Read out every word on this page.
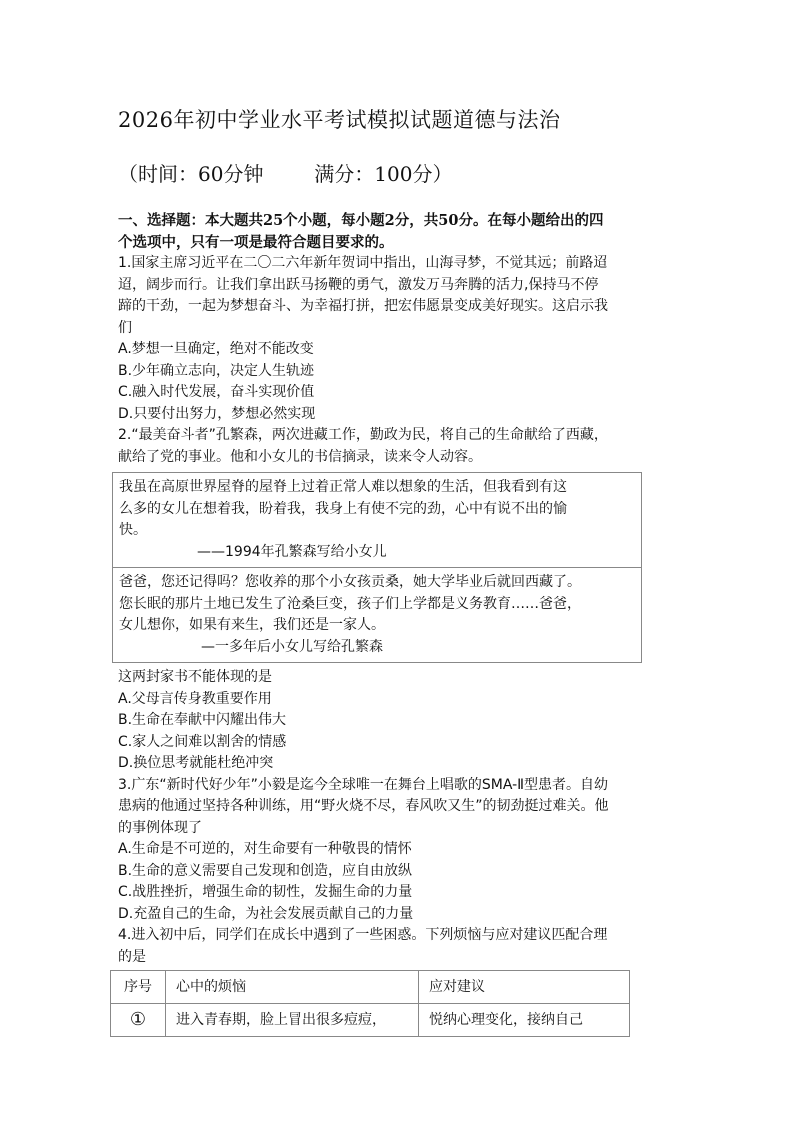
2026年初中学业水平考试模拟试题道德与法治
（时间：60分钟        满分：100分）
一、选择题：本大题共25个小题，每小题2分，共50分。在每小题给出的四
个选项中，只有一项是最符合题目要求的。
1.国家主席习近平在二〇二六年新年贺词中指出，山海寻梦，不觉其远；前路迢
迢，阔步而行。让我们拿出跃马扬鞭的勇气，激发万马奔腾的活力,保持马不停
蹄的干劲，一起为梦想奋斗、为幸福打拼，把宏伟愿景变成美好现实。这启示我
们
A.梦想一旦确定，绝对不能改变
B.少年确立志向，决定人生轨迹
C.融入时代发展，奋斗实现价值
D.只要付出努力，梦想必然实现
2.“最美奋斗者”孔繁森，两次进藏工作，勤政为民，将自己的生命献给了西藏，
献给了党的事业。他和小女儿的书信摘录，读来令人动容。
我虽在高原世界屋脊的屋脊上过着正常人难以想象的生活，但我看到有这
么多的女儿在想着我，盼着我，我身上有使不完的劲，心中有说不出的愉
快。
——1994年孔繁森写给小女儿
爸爸，您还记得吗？您收养的那个小女孩贡桑，她大学毕业后就回西藏了。
您长眠的那片土地已发生了沧桑巨变，孩子们上学都是义务教育……爸爸，
女儿想你，如果有来生，我们还是一家人。
—一多年后小女儿写给孔繁森
这两封家书不能体现的是
A.父母言传身教重要作用
B.生命在奉献中闪耀出伟大
C.家人之间难以割舍的情感
D.换位思考就能杜绝冲突
3.广东“新时代好少年”小毅是迄今全球唯一在舞台上唱歌的SMA-Ⅱ型患者。自幼
患病的他通过坚持各种训练，用“野火烧不尽，春风吹又生”的韧劲挺过难关。他
的事例体现了
A.生命是不可逆的，对生命要有一种敬畏的情怀
B.生命的意义需要自己发现和创造，应自由放纵
C.战胜挫折，增强生命的韧性，发掘生命的力量
D.充盈自己的生命，为社会发展贡献自己的力量
4.进入初中后，同学们在成长中遇到了一些困惑。下列烦恼与应对建议匹配合理
的是
序号	心中的烦恼	应对建议
①	进入青春期，脸上冒出很多痘痘，	悦纳心理变化，接纳自己
